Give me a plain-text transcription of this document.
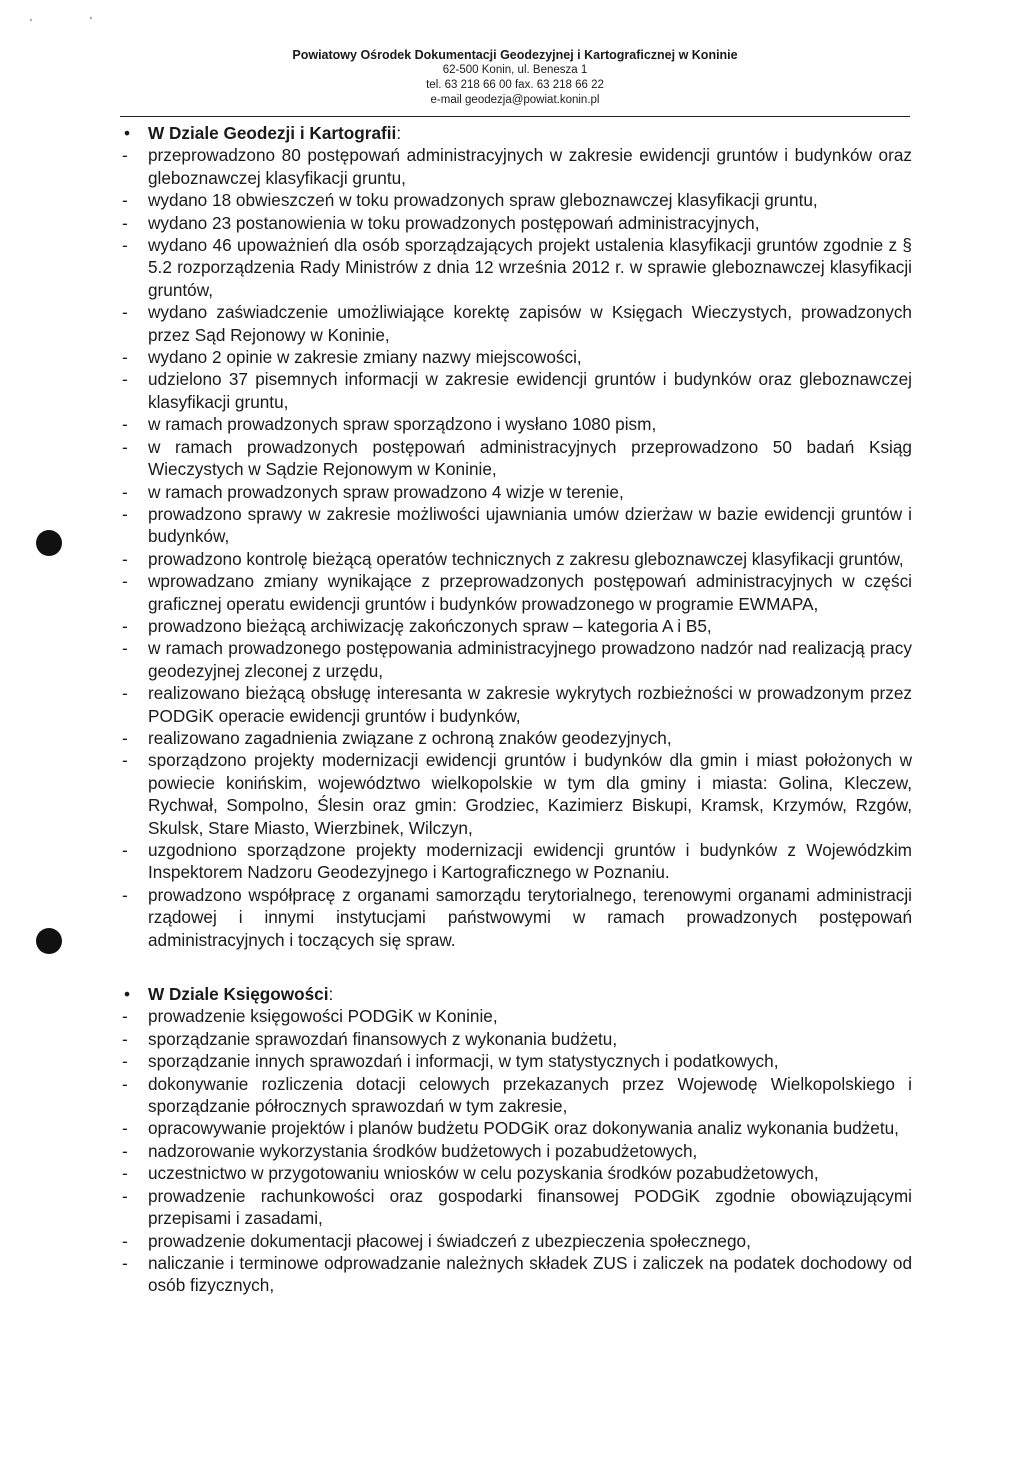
'	'
Powiatowy Ośrodek Dokumentacji Geodezyjnej i Kartograficznej w Koninie
62-500 Konin, ul. Benesza 1
tel. 63 218 66 00 fax. 63 218 66 22
e-mail geodezja@powiat.konin.pl

• W Dziale Geodezji i Kartografii:

- przeprowadzono 80 postępowań administracyjnych w zakresie ewidencji gruntów i budynków oraz gleboznawczej klasyfikacji gruntu,
- wydano 18 obwieszczeń w toku prowadzonych spraw gleboznawczej klasyfikacji gruntu,
- wydano 23 postanowienia w toku prowadzonych postępowań administracyjnych,
- wydano 46 upoważnień dla osób sporządzających projekt ustalenia klasyfikacji gruntów zgodnie z § 5.2 rozporządzenia Rady Ministrów z dnia 12 września 2012 r. w sprawie gleboznawczej klasyfikacji gruntów,
- wydano zaświadczenie umożliwiające korektę zapisów w Księgach Wieczystych, prowadzonych przez Sąd Rejonowy w Koninie,
- wydano 2 opinie w zakresie zmiany nazwy miejscowości,
- udzielono 37 pisemnych informacji w zakresie ewidencji gruntów i budynków oraz gleboznawczej klasyfikacji gruntu,
- w ramach prowadzonych spraw sporządzono i wysłano 1080 pism,
- w ramach prowadzonych postępowań administracyjnych przeprowadzono 50 badań Ksiąg Wieczystych w Sądzie Rejonowym w Koninie,
- w ramach prowadzonych spraw prowadzono 4 wizje w terenie,
- prowadzono sprawy w zakresie możliwości ujawniania umów dzierżaw w bazie ewidencji gruntów i budynków,
- prowadzono kontrolę bieżącą operatów technicznych z zakresu gleboznawczej klasyfikacji gruntów,
- wprowadzano zmiany wynikające z przeprowadzonych postępowań administracyjnych w części graficznej operatu ewidencji gruntów i budynków prowadzonego w programie EWMAPA,
- prowadzono bieżącą archiwizację zakończonych spraw – kategoria A i B5,
- w ramach prowadzonego postępowania administracyjnego prowadzono nadzór nad realizacją pracy geodezyjnej zleconej z urzędu,
- realizowano bieżącą obsługę interesanta w zakresie wykrytych rozbieżności w prowadzonym przez PODGiK operacie ewidencji gruntów i budynków,
- realizowano zagadnienia związane z ochroną znaków geodezyjnych,
- sporządzono projekty modernizacji ewidencji gruntów i budynków dla gmin i miast położonych w powiecie konińskim, województwo wielkopolskie w tym dla gminy i miasta: Golina, Kleczew, Rychwał, Sompolno, Ślesin oraz gmin: Grodziec, Kazimierz Biskupi, Kramsk, Krzymów, Rzgów, Skulsk, Stare Miasto, Wierzbinek, Wilczyn,
- uzgodniono sporządzone projekty modernizacji ewidencji gruntów i budynków z Wojewódzkim Inspektorem Nadzoru Geodezyjnego i Kartograficznego w Poznaniu.
- prowadzono współpracę z organami samorządu terytorialnego, terenowymi organami administracji rządowej i innymi instytucjami państwowymi w ramach prowadzonych postępowań administracyjnych i toczących się spraw.

• W Dziale Księgowości:

- prowadzenie księgowości PODGiK w Koninie,
- sporządzanie sprawozdań finansowych z wykonania budżetu,
- sporządzanie innych sprawozdań i informacji, w tym statystycznych i podatkowych,
- dokonywanie rozliczenia dotacji celowych przekazanych przez Wojewodę Wielkopolskiego i sporządzanie półrocznych sprawozdań w tym zakresie,
- opracowywanie projektów i planów budżetu PODGiK oraz dokonywania analiz wykonania budżetu,
- nadzorowanie wykorzystania środków budżetowych i pozabudżetowych,
- uczestnictwo w przygotowaniu wniosków w celu pozyskania środków pozabudżetowych,
- prowadzenie rachunkowości oraz gospodarki finansowej PODGiK zgodnie obowiązującymi przepisami i zasadami,
- prowadzenie dokumentacji płacowej i świadczeń z ubezpieczenia społecznego,
- naliczanie i terminowe odprowadzanie należnych składek ZUS i zaliczek na podatek dochodowy od osób fizycznych,
